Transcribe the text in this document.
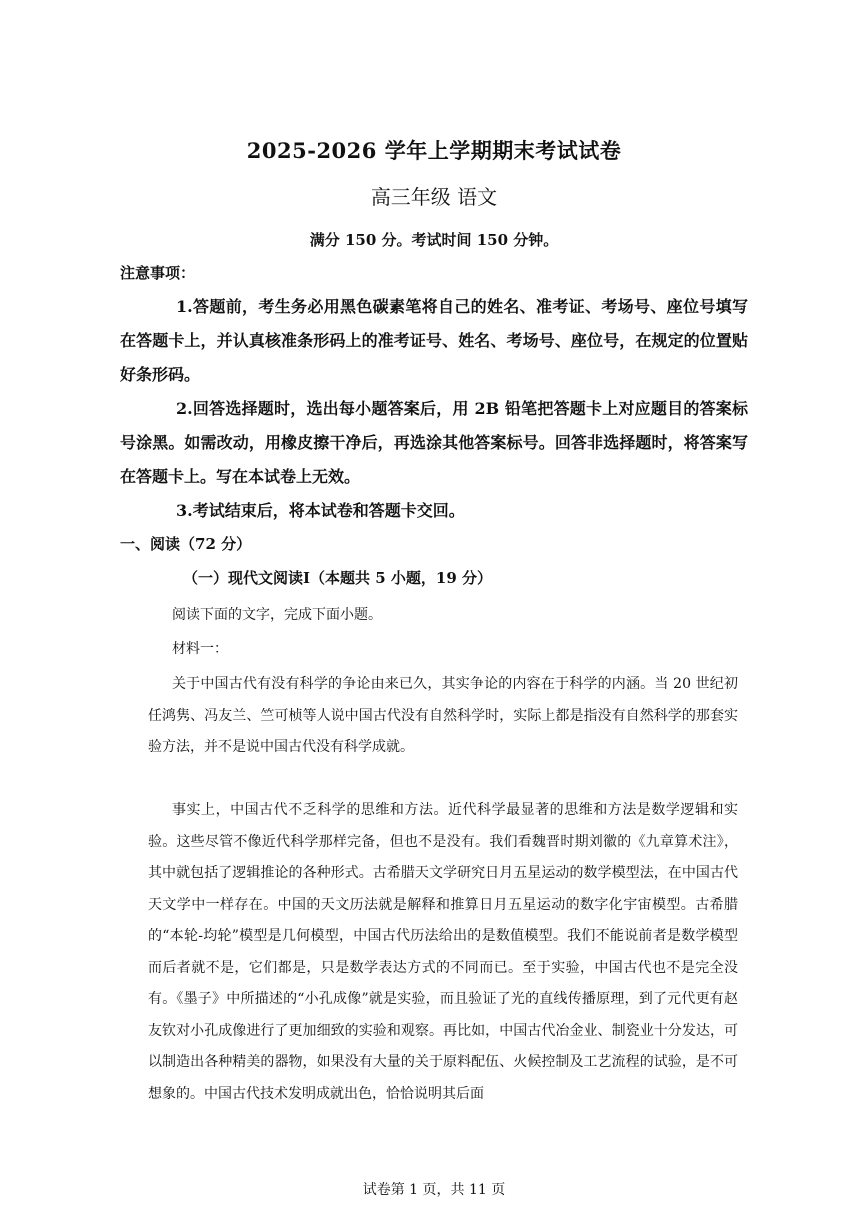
2025-2026 学年上学期期末考试试卷
高三年级 语文
满分 150 分。考试时间 150 分钟。
注意事项：
1.答题前，考生务必用黑色碳素笔将自己的姓名、准考证、考场号、座位号填写在答题卡上，并认真核准条形码上的准考证号、姓名、考场号、座位号，在规定的位置贴好条形码。
2.回答选择题时，选出每小题答案后，用 2B 铅笔把答题卡上对应题目的答案标号涂黑。如需改动，用橡皮擦干净后，再选涂其他答案标号。回答非选择题时，将答案写在答题卡上。写在本试卷上无效。
3.考试结束后，将本试卷和答题卡交回。
一、阅读（72 分）
（一）现代文阅读Ⅰ（本题共 5 小题，19 分）
阅读下面的文字，完成下面小题。
材料一：
关于中国古代有没有科学的争论由来已久，其实争论的内容在于科学的内涵。当 20 世纪初任鸿隽、冯友兰、竺可桢等人说中国古代没有自然科学时，实际上都是指没有自然科学的那套实验方法，并不是说中国古代没有科学成就。
事实上，中国古代不乏科学的思维和方法。近代科学最显著的思维和方法是数学逻辑和实验。这些尽管不像近代科学那样完备，但也不是没有。我们看魏晋时期刘徽的《九章算术注》，其中就包括了逻辑推论的各种形式。古希腊天文学研究日月五星运动的数学模型法，在中国古代天文学中一样存在。中国的天文历法就是解释和推算日月五星运动的数字化宇宙模型。古希腊的“本轮-均轮”模型是几何模型，中国古代历法给出的是数值模型。我们不能说前者是数学模型而后者就不是，它们都是，只是数学表达方式的不同而已。至于实验，中国古代也不是完全没有。《墨子》中所描述的“小孔成像”就是实验，而且验证了光的直线传播原理，到了元代更有赵友钦对小孔成像进行了更加细致的实验和观察。再比如，中国古代冶金业、制瓷业十分发达，可以制造出各种精美的器物，如果没有大量的关于原料配伍、火候控制及工艺流程的试验，是不可想象的。中国古代技术发明成就出色，恰恰说明其后面
试卷第 1 页，共 11 页
